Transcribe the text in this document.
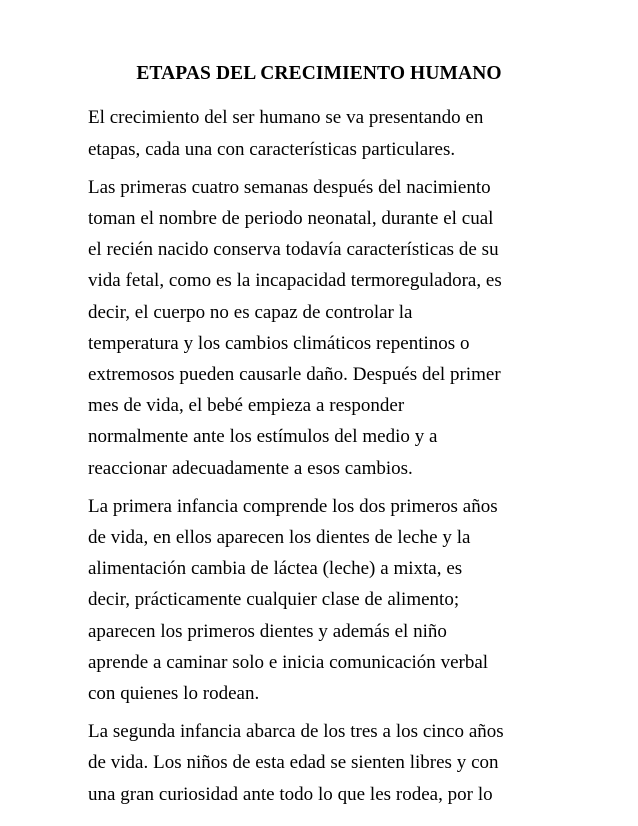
ETAPAS DEL CRECIMIENTO HUMANO

El crecimiento del ser humano se va presentando en
etapas, cada una con características particulares.

Las primeras cuatro semanas después del nacimiento
toman el nombre de periodo neonatal, durante el cual
el recién nacido conserva todavía características de su
vida fetal, como es la incapacidad termoreguladora, es
decir, el cuerpo no es capaz de controlar la
temperatura y los cambios climáticos repentinos o
extremosos pueden causarle daño. Después del primer
mes de vida, el bebé empieza a responder
normalmente ante los estímulos del medio y a
reaccionar adecuadamente a esos cambios.

La primera infancia comprende los dos primeros años
de vida, en ellos aparecen los dientes de leche y la
alimentación cambia de láctea (leche) a mixta, es
decir, prácticamente cualquier clase de alimento;
aparecen los primeros dientes y además el niño
aprende a caminar solo e inicia comunicación verbal
con quienes lo rodean.

La segunda infancia abarca de los tres a los cinco años
de vida. Los niños de esta edad se sienten libres y con
una gran curiosidad ante todo lo que les rodea, por lo
